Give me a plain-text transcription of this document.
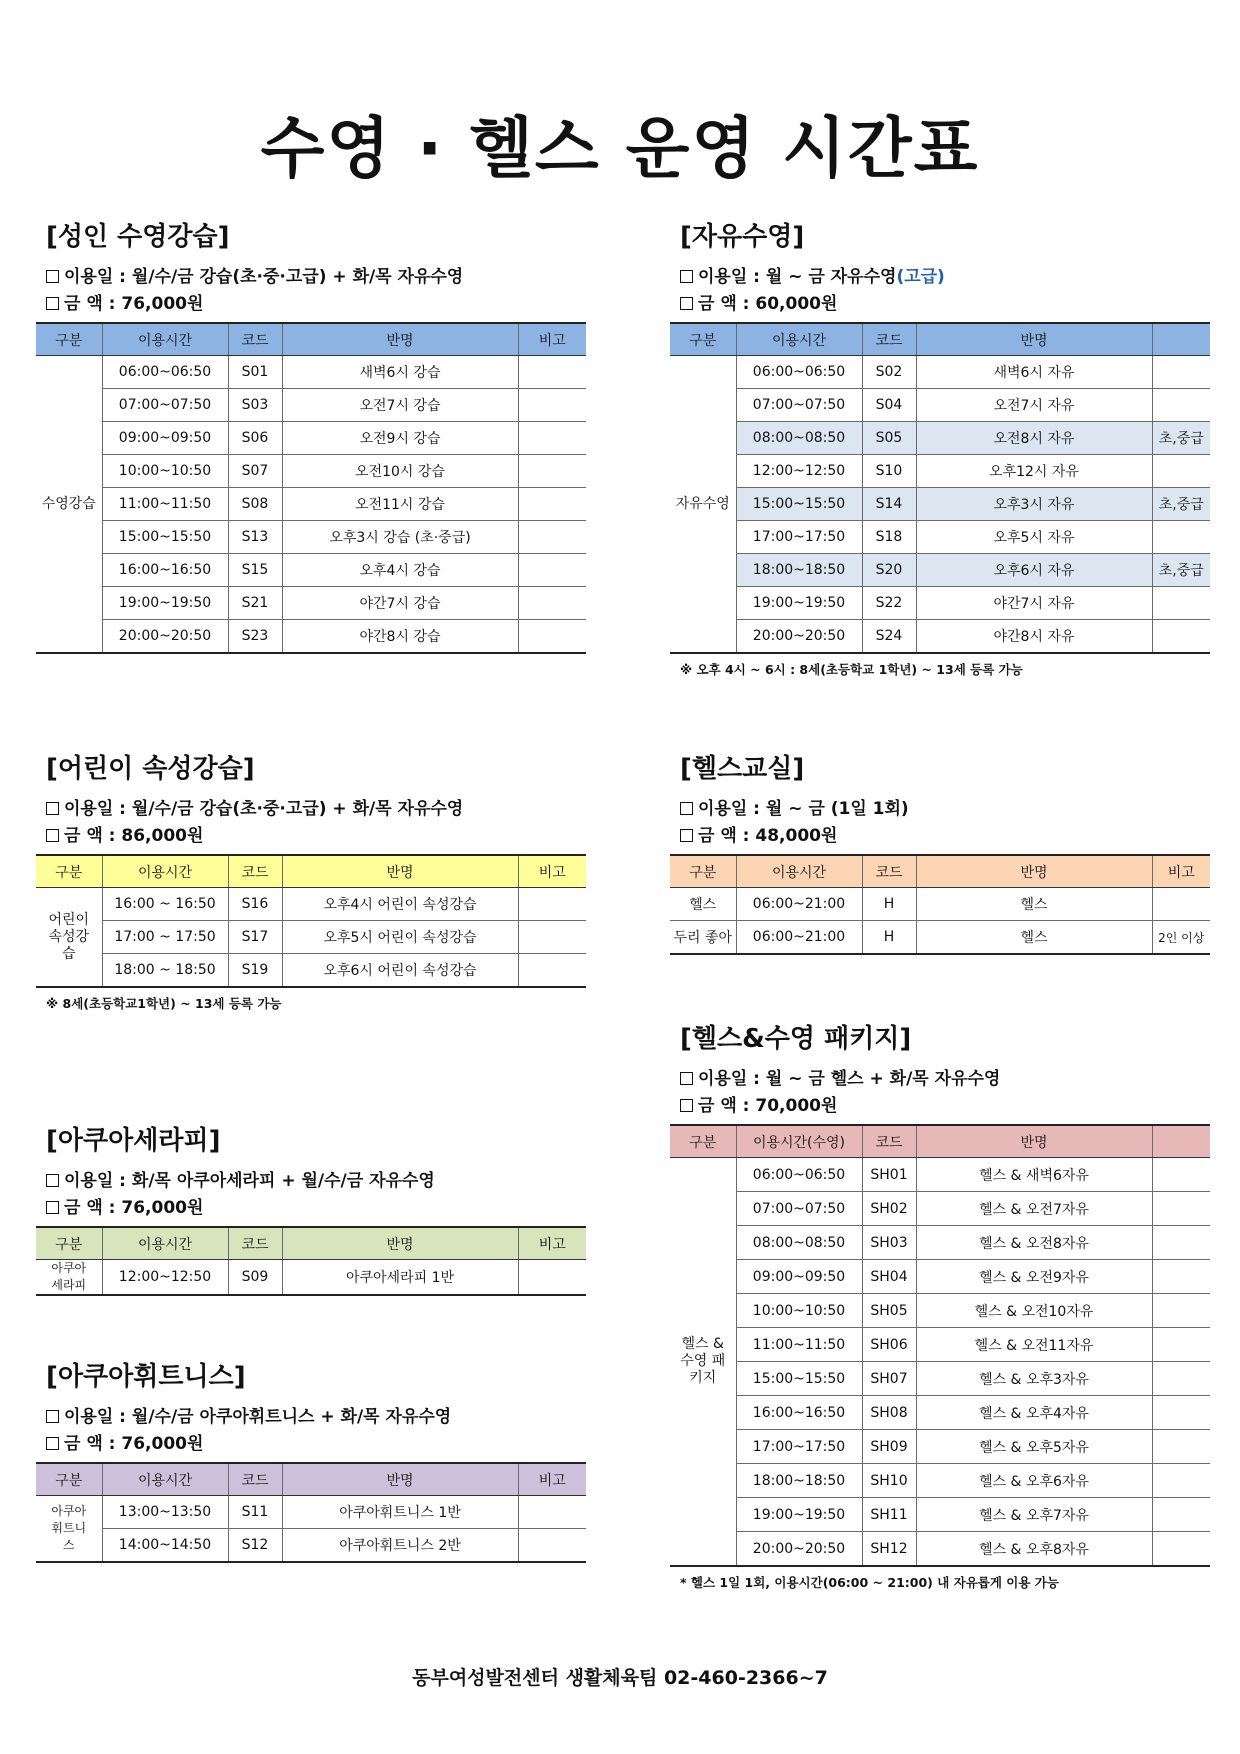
수영 · 헬스 운영 시간표
[성인 수영강습]
이용일 : 월/수/금 강습(초·중·고급) + 화/목 자유수영
금 액 : 76,000원
구분	이용시간	코드	반명	비고
수영강습	06:00~06:50	S01	새벽6시 강습	
	07:00~07:50	S03	오전7시 강습	
	09:00~09:50	S06	오전9시 강습	
	10:00~10:50	S07	오전10시 강습	
	11:00~11:50	S08	오전11시 강습	
	15:00~15:50	S13	오후3시 강습 (초·중급)	
	16:00~16:50	S15	오후4시 강습	
	19:00~19:50	S21	야간7시 강습	
	20:00~20:50	S23	야간8시 강습	
[자유수영]
이용일 : 월 ~ 금 자유수영(고급)
금 액 : 60,000원
구분	이용시간	코드	반명	
자유수영	06:00~06:50	S02	새벽6시 자유	
	07:00~07:50	S04	오전7시 자유	
	08:00~08:50	S05	오전8시 자유	초,중급
	12:00~12:50	S10	오후12시 자유	
	15:00~15:50	S14	오후3시 자유	초,중급
	17:00~17:50	S18	오후5시 자유	
	18:00~18:50	S20	오후6시 자유	초,중급
	19:00~19:50	S22	야간7시 자유	
	20:00~20:50	S24	야간8시 자유	
※ 오후 4시 ~ 6시 : 8세(초등학교 1학년) ~ 13세 등록 가능
[어린이 속성강습]
이용일 : 월/수/금 강습(초·중·고급) + 화/목 자유수영
금 액 : 86,000원
구분	이용시간	코드	반명	비고
어린이 속성강습	16:00 ~ 16:50	S16	오후4시 어린이 속성강습	
	17:00 ~ 17:50	S17	오후5시 어린이 속성강습	
	18:00 ~ 18:50	S19	오후6시 어린이 속성강습	
※ 8세(초등학교1학년) ~ 13세 등록 가능
[헬스교실]
이용일 : 월 ~ 금 (1일 1회)
금 액 : 48,000원
구분	이용시간	코드	반명	비고
헬스	06:00~21:00	H	헬스	
두리 좋아	06:00~21:00	H	헬스	2인 이상
[헬스&수영 패키지]
이용일 : 월 ~ 금 헬스 + 화/목 자유수영
금 액 : 70,000원
구분	이용시간(수영)	코드	반명	
헬스 & 수영 패키지	06:00~06:50	SH01	헬스 & 새벽6자유	
	07:00~07:50	SH02	헬스 & 오전7자유	
	08:00~08:50	SH03	헬스 & 오전8자유	
	09:00~09:50	SH04	헬스 & 오전9자유	
	10:00~10:50	SH05	헬스 & 오전10자유	
	11:00~11:50	SH06	헬스 & 오전11자유	
	15:00~15:50	SH07	헬스 & 오후3자유	
	16:00~16:50	SH08	헬스 & 오후4자유	
	17:00~17:50	SH09	헬스 & 오후5자유	
	18:00~18:50	SH10	헬스 & 오후6자유	
	19:00~19:50	SH11	헬스 & 오후7자유	
	20:00~20:50	SH12	헬스 & 오후8자유	
* 헬스 1일 1회, 이용시간(06:00 ~ 21:00) 내 자유롭게 이용 가능
[아쿠아세라피]
이용일 : 화/목 아쿠아세라피 + 월/수/금 자유수영
금 액 : 76,000원
구분	이용시간	코드	반명	비고
아쿠아 세라피	12:00~12:50	S09	아쿠아세라피 1반	
[아쿠아휘트니스]
이용일 : 월/수/금 아쿠아휘트니스 + 화/목 자유수영
금 액 : 76,000원
구분	이용시간	코드	반명	비고
아쿠아 휘트니스	13:00~13:50	S11	아쿠아휘트니스 1반	
	14:00~14:50	S12	아쿠아휘트니스 2반	
동부여성발전센터 생활체육팀 02-460-2366~7
